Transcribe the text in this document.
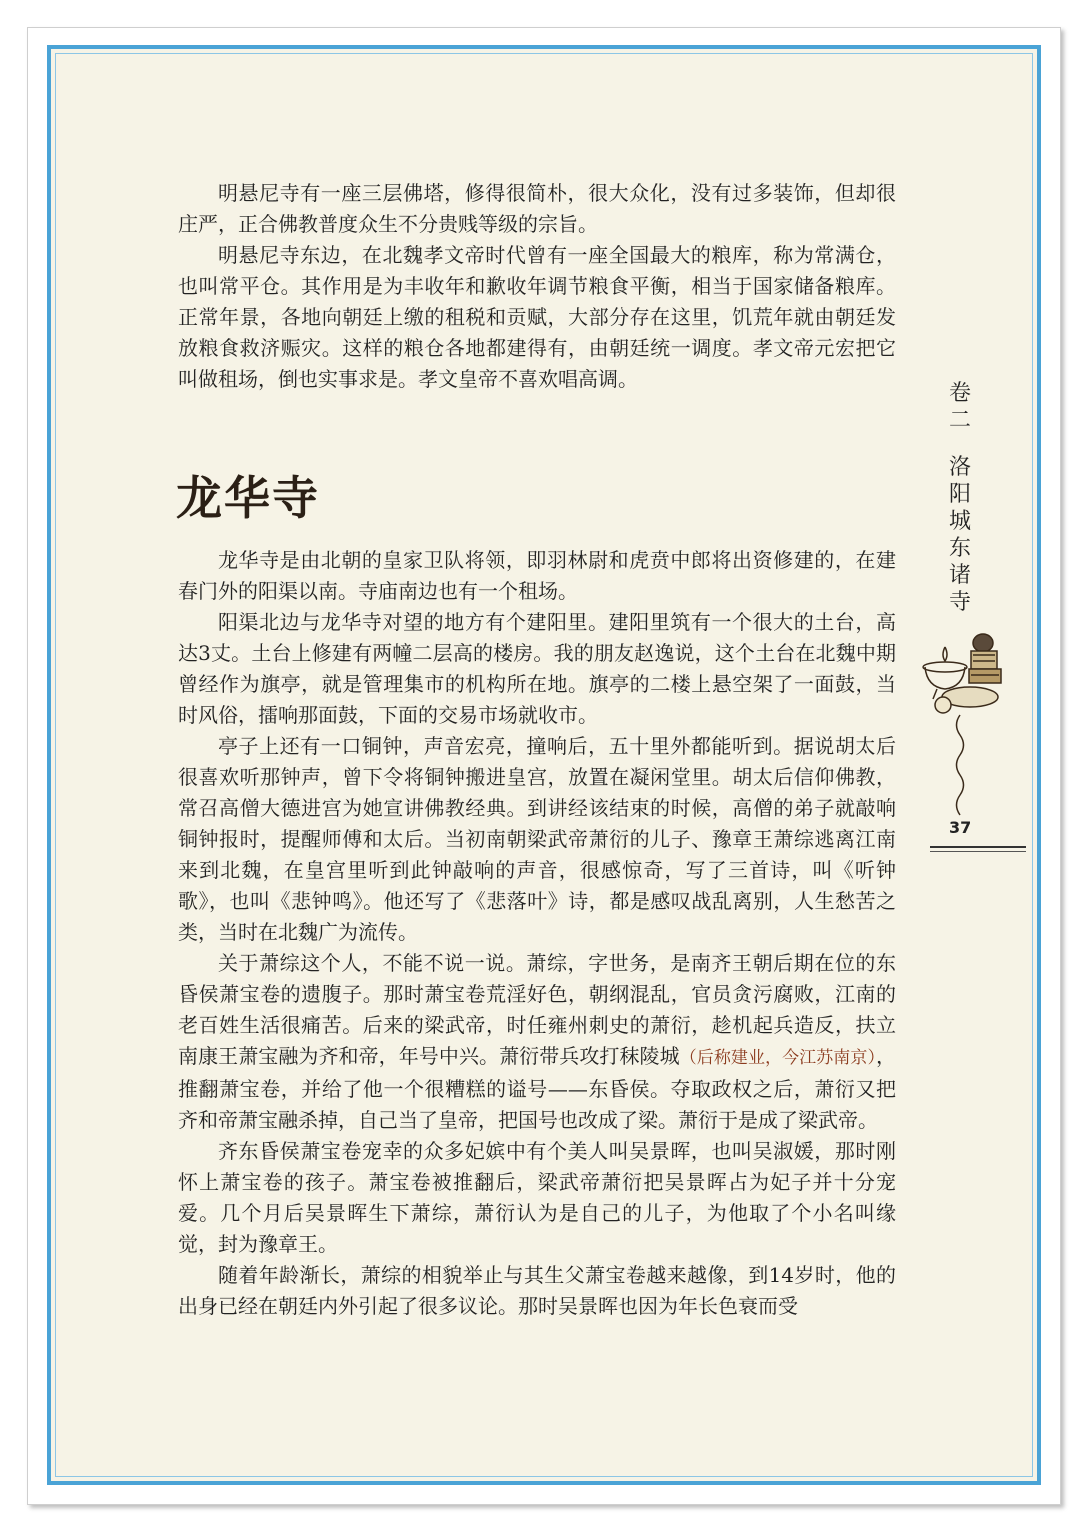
明悬尼寺有一座三层佛塔，修得很简朴，很大众化，没有过多装饰，但却很庄严，正合佛教普度众生不分贵贱等级的宗旨。

明悬尼寺东边，在北魏孝文帝时代曾有一座全国最大的粮库，称为常满仓，也叫常平仓。其作用是为丰收年和歉收年调节粮食平衡，相当于国家储备粮库。正常年景，各地向朝廷上缴的租税和贡赋，大部分存在这里，饥荒年就由朝廷发放粮食救济赈灾。这样的粮仓各地都建得有，由朝廷统一调度。孝文帝元宏把它叫做租场，倒也实事求是。孝文皇帝不喜欢唱高调。

龙华寺

龙华寺是由北朝的皇家卫队将领，即羽林尉和虎贲中郎将出资修建的，在建春门外的阳渠以南。寺庙南边也有一个租场。

阳渠北边与龙华寺对望的地方有个建阳里。建阳里筑有一个很大的土台，高达3丈。土台上修建有两幢二层高的楼房。我的朋友赵逸说，这个土台在北魏中期曾经作为旗亭，就是管理集市的机构所在地。旗亭的二楼上悬空架了一面鼓，当时风俗，擂响那面鼓，下面的交易市场就收市。

亭子上还有一口铜钟，声音宏亮，撞响后，五十里外都能听到。据说胡太后很喜欢听那钟声，曾下令将铜钟搬进皇宫，放置在凝闲堂里。胡太后信仰佛教，常召高僧大德进宫为她宣讲佛教经典。到讲经该结束的时候，高僧的弟子就敲响铜钟报时，提醒师傅和太后。当初南朝梁武帝萧衍的儿子、豫章王萧综逃离江南来到北魏，在皇宫里听到此钟敲响的声音，很感惊奇，写了三首诗，叫《听钟歌》，也叫《悲钟鸣》。他还写了《悲落叶》诗，都是感叹战乱离别，人生愁苦之类，当时在北魏广为流传。

关于萧综这个人，不能不说一说。萧综，字世务，是南齐王朝后期在位的东昏侯萧宝卷的遗腹子。那时萧宝卷荒淫好色，朝纲混乱，官员贪污腐败，江南的老百姓生活很痛苦。后来的梁武帝，时任雍州刺史的萧衍，趁机起兵造反，扶立南康王萧宝融为齐和帝，年号中兴。萧衍带兵攻打秣陵城（后称建业，今江苏南京），推翻萧宝卷，并给了他一个很糟糕的谥号——东昏侯。夺取政权之后，萧衍又把齐和帝萧宝融杀掉，自己当了皇帝，把国号也改成了梁。萧衍于是成了梁武帝。

齐东昏侯萧宝卷宠幸的众多妃嫔中有个美人叫吴景晖，也叫吴淑媛，那时刚怀上萧宝卷的孩子。萧宝卷被推翻后，梁武帝萧衍把吴景晖占为妃子并十分宠爱。几个月后吴景晖生下萧综，萧衍认为是自己的儿子，为他取了个小名叫缘觉，封为豫章王。

随着年龄渐长，萧综的相貌举止与其生父萧宝卷越来越像，到14岁时，他的出身已经在朝廷内外引起了很多议论。那时吴景晖也因为年长色衰而受

卷
二
洛
阳
城
东
诸
寺
37
